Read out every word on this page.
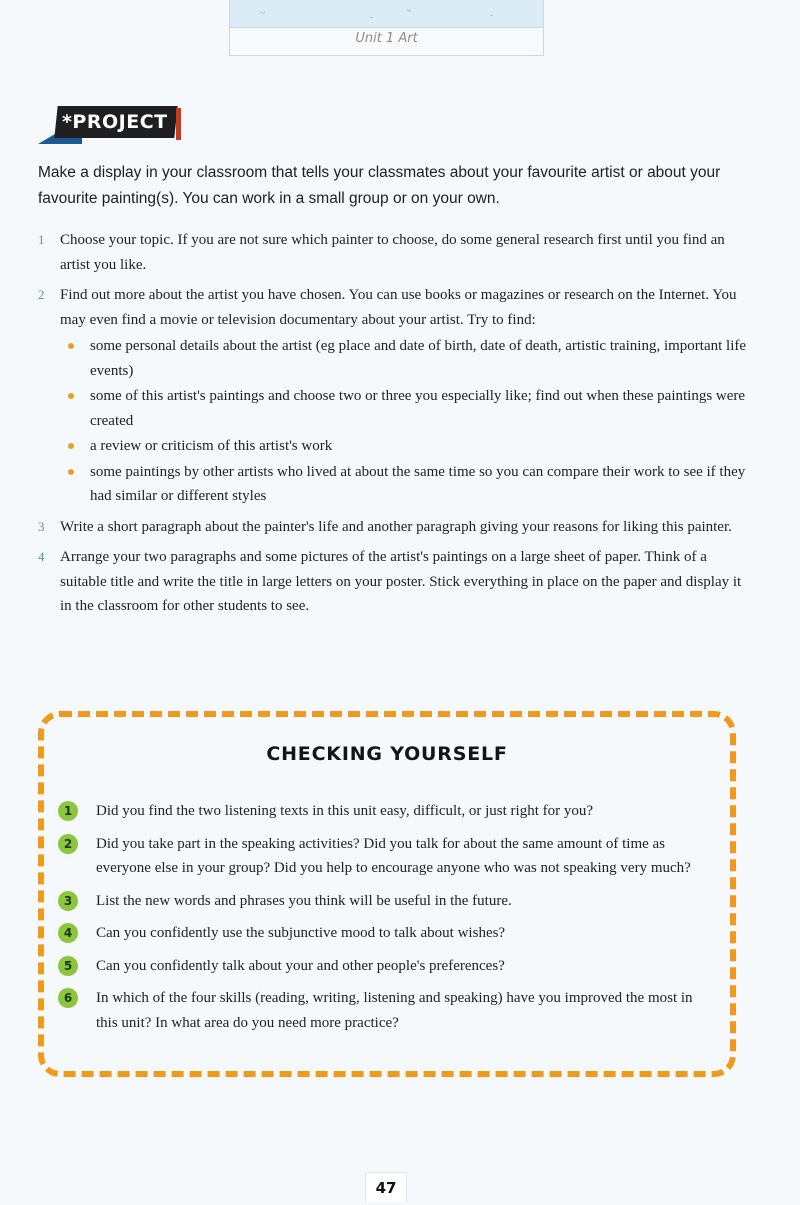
~	-
~	-
Unit 1 Art
*PROJECT

Make a display in your classroom that tells your classmates about your favourite artist or about your favourite painting(s). You can work in a small group or on your own.

1 Choose your topic. If you are not sure which painter to choose, do some general research first until you find an artist you like.
2 Find out more about the artist you have chosen. You can use books or magazines or research on the Internet. You may even find a movie or television documentary about your artist. Try to find:
some personal details about the artist (eg place and date of birth, date of death, artistic training, important life events)
some of this artist's paintings and choose two or three you especially like; find out when these paintings were created
a review or criticism of this artist's work
some paintings by other artists who lived at about the same time so you can compare their work to see if they had similar or different styles
3 Write a short paragraph about the painter's life and another paragraph giving your reasons for liking this painter.
4 Arrange your two paragraphs and some pictures of the artist's paintings on a large sheet of paper. Think of a suitable title and write the title in large letters on your poster. Stick everything in place on the paper and display it in the classroom for other students to see.
CHECKING YOURSELF
1	Did you find the two listening texts in this unit easy, difficult, or just right for you?
2	Did you take part in the speaking activities? Did you talk for about the same amount of time as everyone else in your group? Did you help to encourage anyone who was not speaking very much?
3	List the new words and phrases you think will be useful in the future.
4	Can you confidently use the subjunctive mood to talk about wishes?
5	Can you confidently talk about your and other people's preferences?
6	In which of the four skills (reading, writing, listening and speaking) have you improved the most in this unit? In what area do you need more practice?
47
